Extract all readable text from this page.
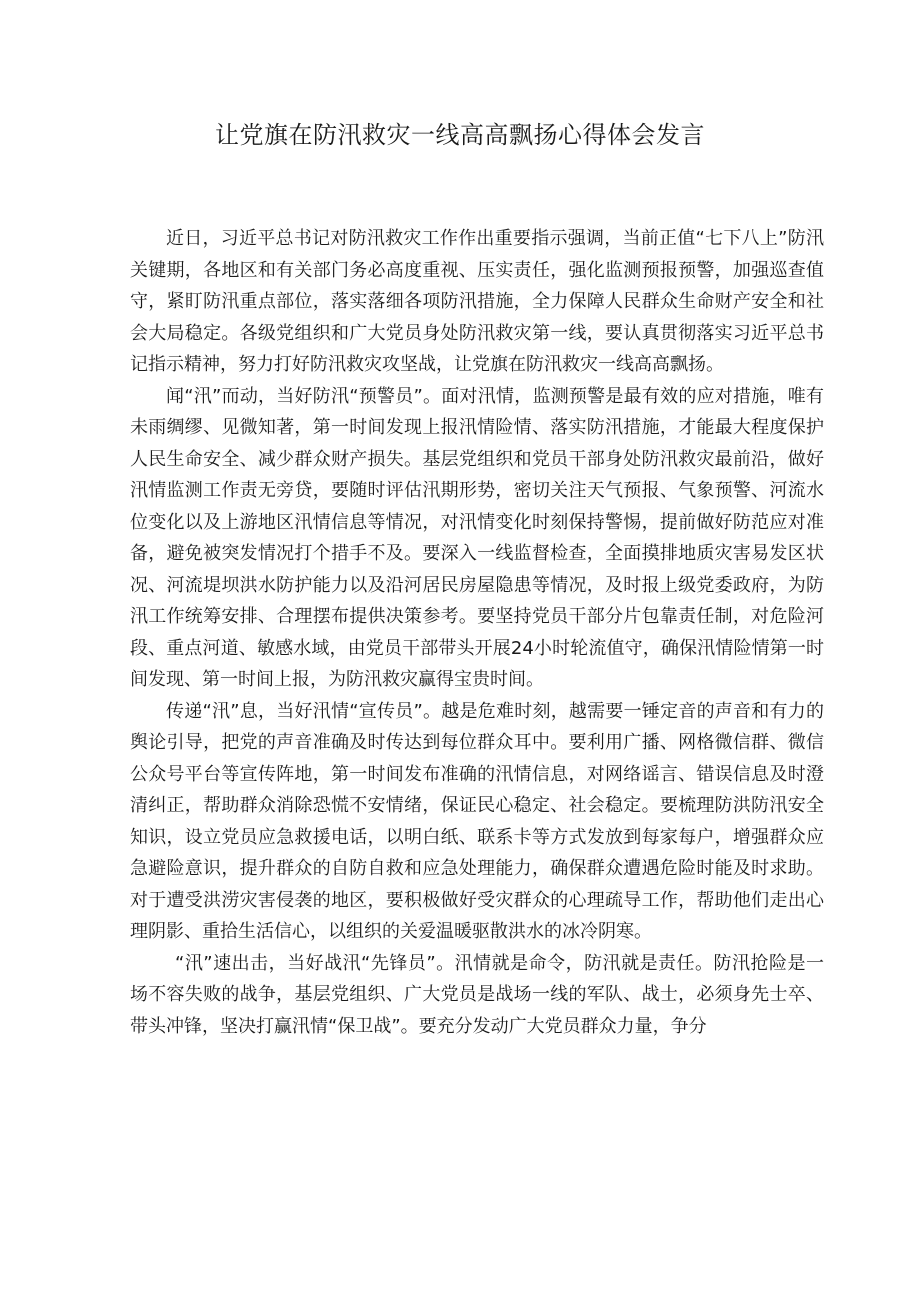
让党旗在防汛救灾一线高高飘扬心得体会发言

近日，习近平总书记对防汛救灾工作作出重要指示强调，当前正值“七下八上”防汛关键期，各地区和有关部门务必高度重视、压实责任，强化监测预报预警，加强巡查值守，紧盯防汛重点部位，落实落细各项防汛措施，全力保障人民群众生命财产安全和社会大局稳定。各级党组织和广大党员身处防汛救灾第一线，要认真贯彻落实习近平总书记指示精神，努力打好防汛救灾攻坚战，让党旗在防汛救灾一线高高飘扬。

闻“汛”而动，当好防汛“预警员”。面对汛情，监测预警是最有效的应对措施，唯有未雨绸缪、见微知著，第一时间发现上报汛情险情、落实防汛措施，才能最大程度保护人民生命安全、减少群众财产损失。基层党组织和党员干部身处防汛救灾最前沿，做好汛情监测工作责无旁贷，要随时评估汛期形势，密切关注天气预报、气象预警、河流水位变化以及上游地区汛情信息等情况，对汛情变化时刻保持警惕，提前做好防范应对准备，避免被突发情况打个措手不及。要深入一线监督检查，全面摸排地质灾害易发区状况、河流堤坝洪水防护能力以及沿河居民房屋隐患等情况，及时报上级党委政府，为防汛工作统筹安排、合理摆布提供决策参考。要坚持党员干部分片包靠责任制，对危险河段、重点河道、敏感水域，由党员干部带头开展24小时轮流值守，确保汛情险情第一时间发现、第一时间上报，为防汛救灾赢得宝贵时间。

传递“汛”息，当好汛情“宣传员”。越是危难时刻，越需要一锤定音的声音和有力的舆论引导，把党的声音准确及时传达到每位群众耳中。要利用广播、网格微信群、微信公众号平台等宣传阵地，第一时间发布准确的汛情信息，对网络谣言、错误信息及时澄清纠正，帮助群众消除恐慌不安情绪，保证民心稳定、社会稳定。要梳理防洪防汛安全知识，设立党员应急救援电话，以明白纸、联系卡等方式发放到每家每户，增强群众应急避险意识，提升群众的自防自救和应急处理能力，确保群众遭遇危险时能及时求助。对于遭受洪涝灾害侵袭的地区，要积极做好受灾群众的心理疏导工作，帮助他们走出心理阴影、重拾生活信心，以组织的关爱温暖驱散洪水的冰冷阴寒。

“汛”速出击，当好战汛“先锋员”。汛情就是命令，防汛就是责任。防汛抢险是一场不容失败的战争，基层党组织、广大党员是战场一线的军队、战士，必须身先士卒、带头冲锋，坚决打赢汛情“保卫战”。要充分发动广大党员群众力量，争分
